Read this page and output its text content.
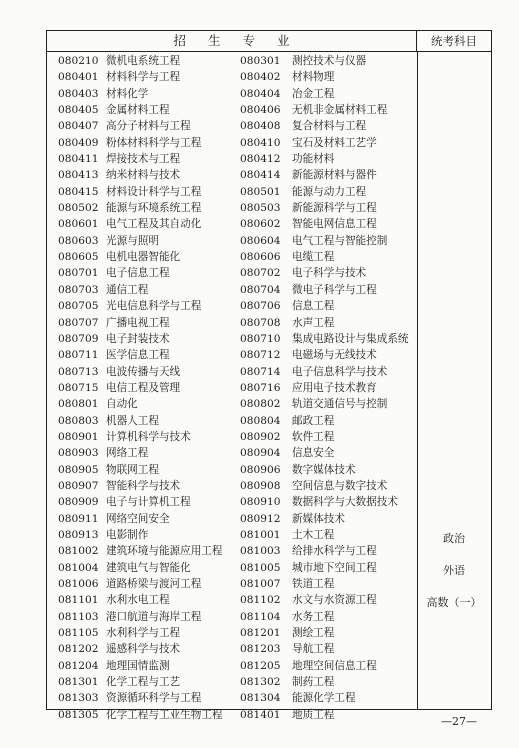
招生专业	统考科目
080210 微机电系统工程	080301 测控技术与仪器
080401 材料科学与工程	080402 材料物理
080403 材料化学	080404 冶金工程
080405 金属材料工程	080406 无机非金属材料工程
080407 高分子材料与工程	080408 复合材料与工程
080409 粉体材料科学与工程	080410 宝石及材料工艺学
080411 焊接技术与工程	080412 功能材料
080413 纳米材料与技术	080414 新能源材料与器件
080415 材料设计科学与工程	080501 能源与动力工程
080502 能源与环境系统工程	080503 新能源科学与工程
080601 电气工程及其自动化	080602 智能电网信息工程
080603 光源与照明	080604 电气工程与智能控制
080605 电机电器智能化	080606 电缆工程
080701 电子信息工程	080702 电子科学与技术
080703 通信工程	080704 微电子科学与工程
080705 光电信息科学与工程	080706 信息工程
080707 广播电视工程	080708 水声工程
080709 电子封装技术	080710 集成电路设计与集成系统
080711 医学信息工程	080712 电磁场与无线技术
080713 电波传播与天线	080714 电子信息科学与技术
080715 电信工程及管理	080716 应用电子技术教育
080801 自动化	080802 轨道交通信号与控制
080803 机器人工程	080804 邮政工程
080901 计算机科学与技术	080902 软件工程
080903 网络工程	080904 信息安全
080905 物联网工程	080906 数字媒体技术
080907 智能科学与技术	080908 空间信息与数字技术
080909 电子与计算机工程	080910 数据科学与大数据技术
080911 网络空间安全	080912 新媒体技术
080913 电影制作	081001 土木工程
081002 建筑环境与能源应用工程 081003 给排水科学与工程
081004 建筑电气与智能化	081005 城市地下空间工程
081006 道路桥梁与渡河工程	081007 铁道工程
081101 水利水电工程	081102 水文与水资源工程
081103 港口航道与海岸工程	081104 水务工程
081105 水利科学与工程	081201 测绘工程
081202 遥感科学与技术	081203 导航工程
081204 地理国情监测	081205 地理空间信息工程
081301 化学工程与工艺	081302 制药工程
081303 资源循环科学与工程	081304 能源化学工程
081305 化学工程与工业生物工程 081401 地质工程
政治
外语
高数（一）
—27—
